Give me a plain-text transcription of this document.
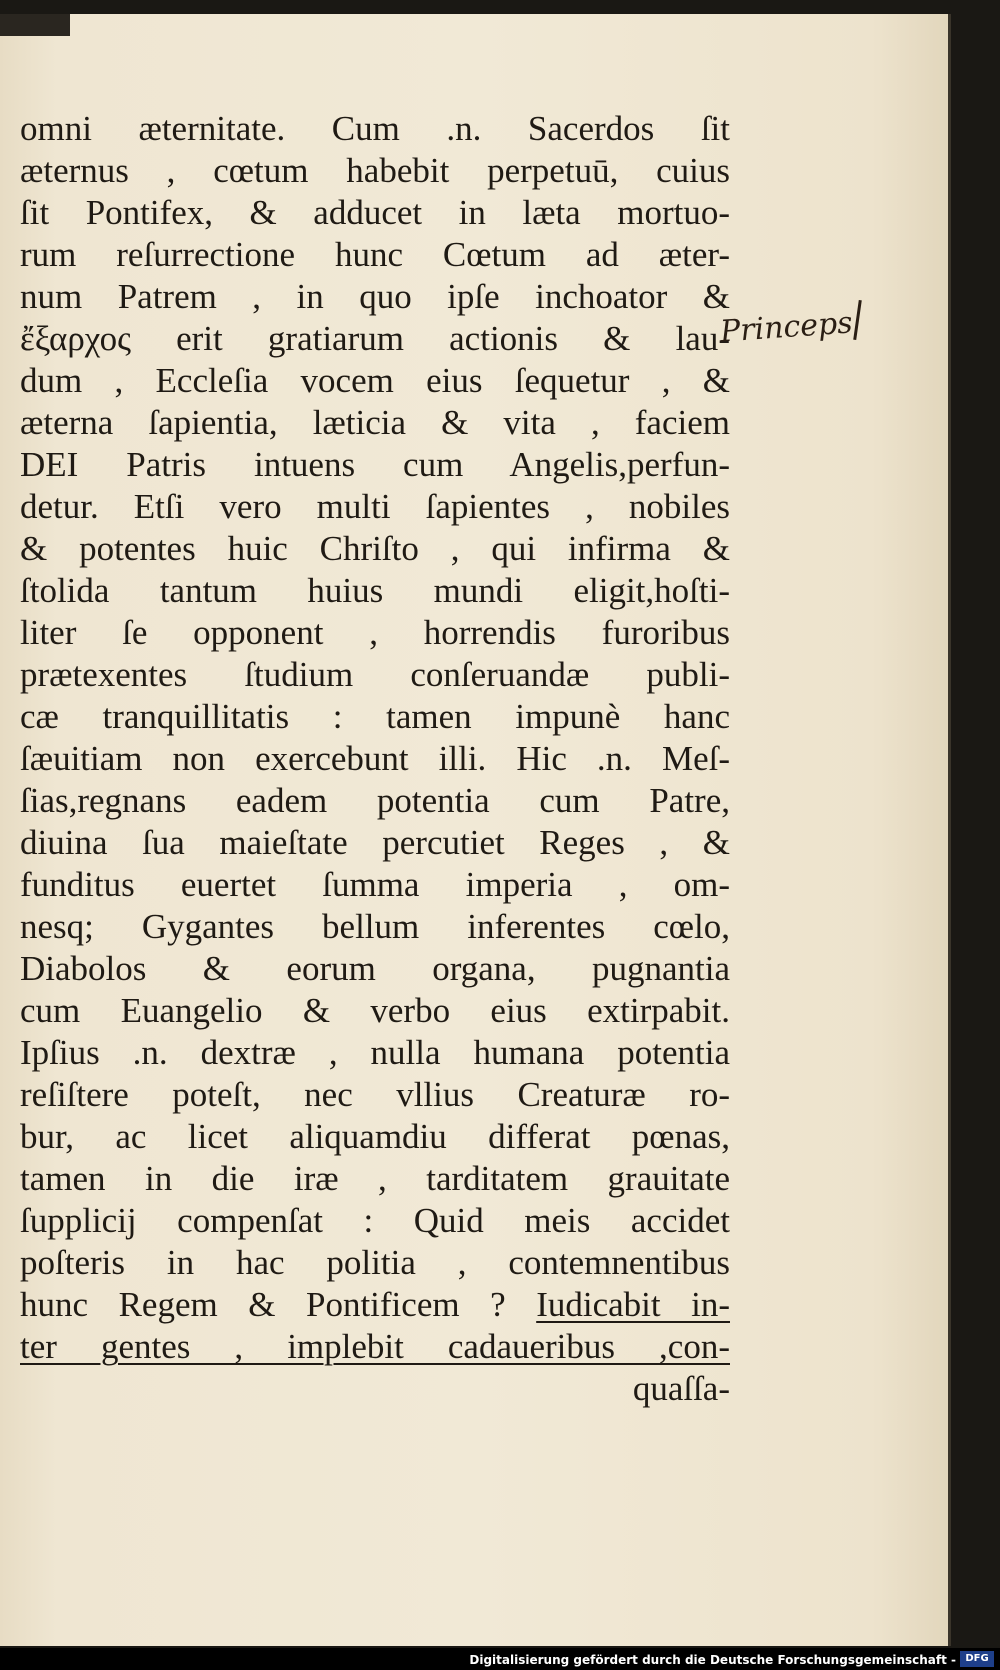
omni æternitate. Cum .n. Sacerdos ſit
æternus , cœtum habebit perpetuū, cuius
ſit Pontifex, & adducet in læta mortuo-
rum reſurrectione hunc Cœtum ad æter-
num Patrem , in quo ipſe inchoator &
ἔξαρχος erit gratiarum actionis & lau-
dum , Eccleſia vocem eius ſequetur , &
æterna ſapientia, læticia & vita , faciem
DEI Patris intuens cum Angelis,perfun-
detur. Etſi vero multi ſapientes , nobiles
& potentes huic Chriſto , qui infirma &
ſtolida tantum huius mundi eligit,hoſti-
liter ſe opponent , horrendis furoribus
prætexentes ſtudium conſeruandæ publi-
cæ tranquillitatis : tamen impunè hanc
ſæuitiam non exercebunt illi. Hic .n. Meſ-
ſias,regnans eadem potentia cum Patre,
diuina ſua maieſtate percutiet Reges , &
funditus euertet ſumma imperia , om-
nesq; Gygantes bellum inferentes cœlo,
Diabolos & eorum organa, pugnantia
cum Euangelio & verbo eius extirpabit.
Ipſius .n. dextræ , nulla humana potentia
reſiſtere poteſt, nec vllius Creaturæ ro-
bur, ac licet aliquamdiu differat pœnas,
tamen in die iræ , tarditatem grauitate
ſupplicij compenſat : Quid meis accidet
poſteris in hac politia , contemnentibus
hunc Regem & Pontificem ? Iudicabit in-
ter gentes , implebit cadaueribus ,con-
quaſſa-
Princeps
Digitalisierung gefördert durch die Deutsche Forschungsgemeinschaft - DFG
